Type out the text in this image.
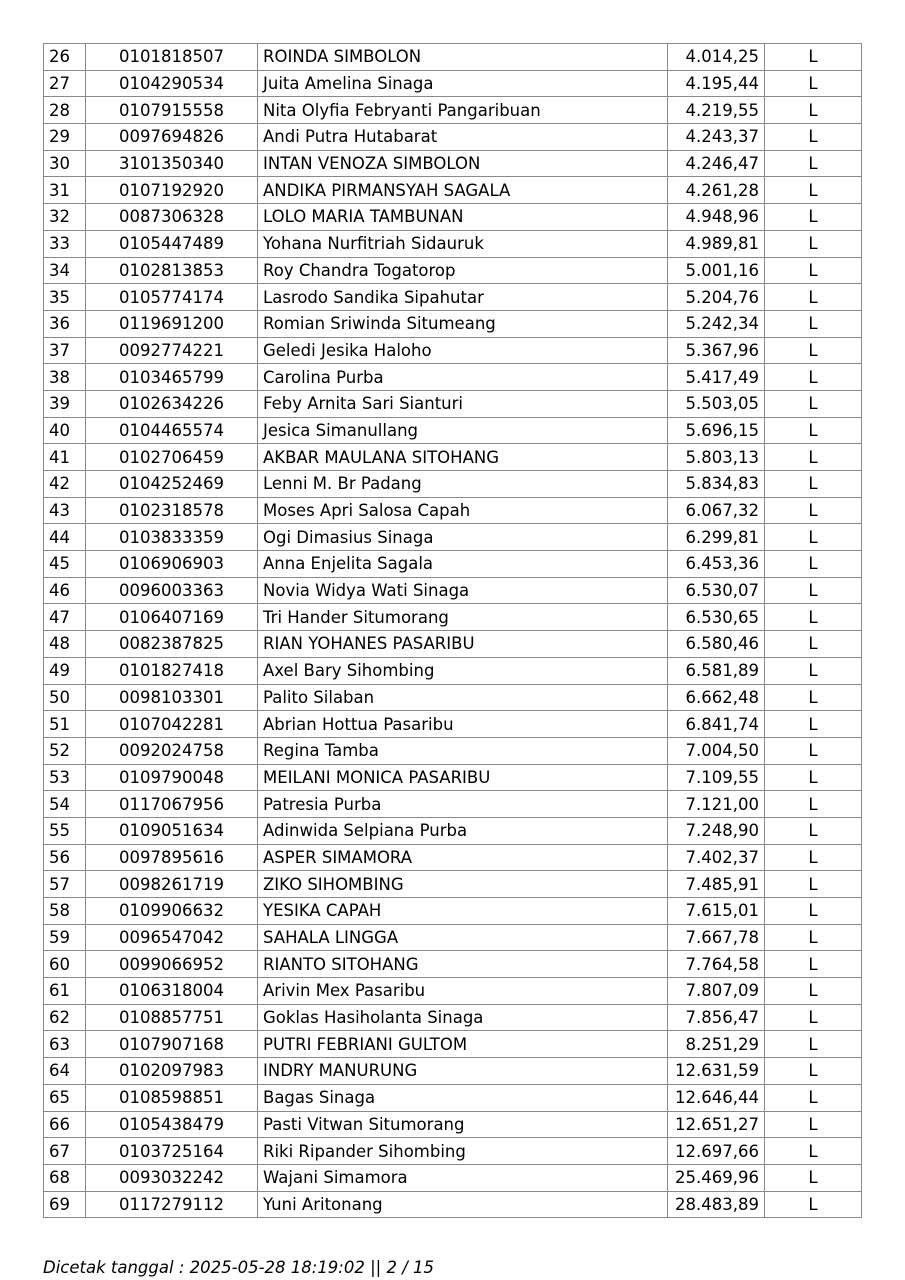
26	0101818507	ROINDA SIMBOLON	4.014,25	L
27	0104290534	Juita Amelina Sinaga	4.195,44	L
28	0107915558	Nita Olyfia Febryanti Pangaribuan	4.219,55	L
29	0097694826	Andi Putra Hutabarat	4.243,37	L
30	3101350340	INTAN VENOZA SIMBOLON	4.246,47	L
31	0107192920	ANDIKA PIRMANSYAH SAGALA	4.261,28	L
32	0087306328	LOLO MARIA TAMBUNAN	4.948,96	L
33	0105447489	Yohana Nurfitriah Sidauruk	4.989,81	L
34	0102813853	Roy Chandra Togatorop	5.001,16	L
35	0105774174	Lasrodo Sandika Sipahutar	5.204,76	L
36	0119691200	Romian Sriwinda Situmeang	5.242,34	L
37	0092774221	Geledi Jesika Haloho	5.367,96	L
38	0103465799	Carolina Purba	5.417,49	L
39	0102634226	Feby Arnita Sari Sianturi	5.503,05	L
40	0104465574	Jesica Simanullang	5.696,15	L
41	0102706459	AKBAR MAULANA SITOHANG	5.803,13	L
42	0104252469	Lenni M. Br Padang	5.834,83	L
43	0102318578	Moses Apri Salosa Capah	6.067,32	L
44	0103833359	Ogi Dimasius Sinaga	6.299,81	L
45	0106906903	Anna Enjelita Sagala	6.453,36	L
46	0096003363	Novia Widya Wati Sinaga	6.530,07	L
47	0106407169	Tri Hander Situmorang	6.530,65	L
48	0082387825	RIAN YOHANES PASARIBU	6.580,46	L
49	0101827418	Axel Bary Sihombing	6.581,89	L
50	0098103301	Palito Silaban	6.662,48	L
51	0107042281	Abrian Hottua Pasaribu	6.841,74	L
52	0092024758	Regina Tamba	7.004,50	L
53	0109790048	MEILANI MONICA PASARIBU	7.109,55	L
54	0117067956	Patresia Purba	7.121,00	L
55	0109051634	Adinwida Selpiana Purba	7.248,90	L
56	0097895616	ASPER SIMAMORA	7.402,37	L
57	0098261719	ZIKO SIHOMBING	7.485,91	L
58	0109906632	YESIKA CAPAH	7.615,01	L
59	0096547042	SAHALA LINGGA	7.667,78	L
60	0099066952	RIANTO SITOHANG	7.764,58	L
61	0106318004	Arivin Mex Pasaribu	7.807,09	L
62	0108857751	Goklas Hasiholanta Sinaga	7.856,47	L
63	0107907168	PUTRI FEBRIANI GULTOM	8.251,29	L
64	0102097983	INDRY MANURUNG	12.631,59	L
65	0108598851	Bagas Sinaga	12.646,44	L
66	0105438479	Pasti Vitwan Situmorang	12.651,27	L
67	0103725164	Riki Ripander Sihombing	12.697,66	L
68	0093032242	Wajani Simamora	25.469,96	L
69	0117279112	Yuni Aritonang	28.483,89	L
Dicetak tanggal : 2025-05-28 18:19:02 || 2 / 15
